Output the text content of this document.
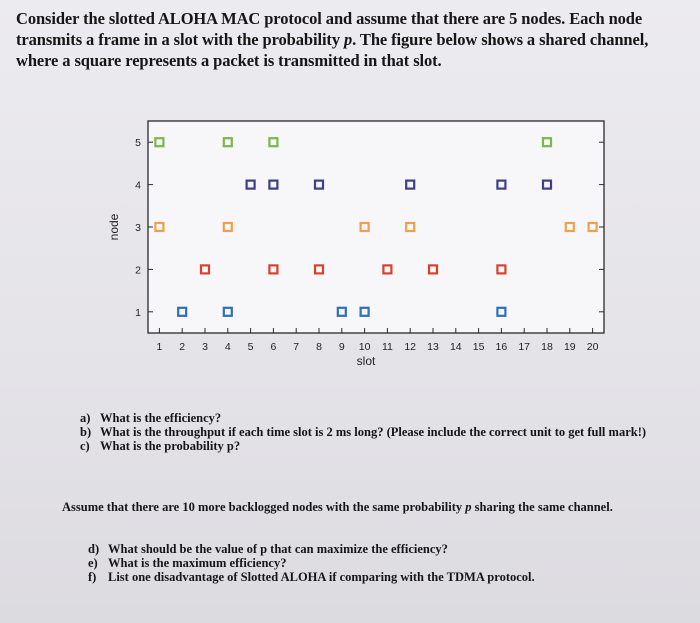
Consider the slotted ALOHA MAC protocol and assume that there are 5 nodes. Each node transmits a frame in a slot with the probability p. The figure below shows a shared channel, where a square represents a packet is transmitted in that slot.
1 2 3 4 5 6 7 8 9 10 11 12 13 14 15 16 17 18 19 20
1
2
3
4
5
slot
node
a) What is the efficiency?
b) What is the throughput if each time slot is 2 ms long? (Please include the correct unit to get full mark!)
c) What is the probability p?
Assume that there are 10 more backlogged nodes with the same probability p sharing the same channel.
d) What should be the value of p that can maximize the efficiency?
e) What is the maximum efficiency?
f) List one disadvantage of Slotted ALOHA if comparing with the TDMA protocol.
